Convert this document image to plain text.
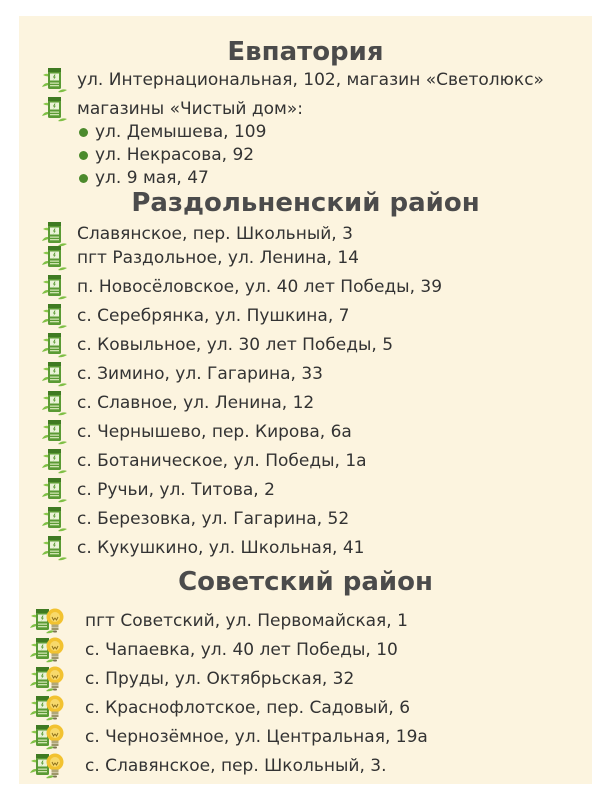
Евпатория
ул. Интернациональная, 102, магазин «Светолюкс»
магазины «Чистый дом»:
ул. Демышева, 109
ул. Некрасова, 92
ул. 9 мая, 47
Раздольненский район
Славянское, пер. Школьный, 3
пгт Раздольное, ул. Ленина, 14
п. Новосёловское, ул. 40 лет Победы, 39
с. Серебрянка, ул. Пушкина, 7
с. Ковыльное, ул. 30 лет Победы, 5
с. Зимино, ул. Гагарина, 33
с. Славное, ул. Ленина, 12
с. Чернышево, пер. Кирова, 6а
с. Ботаническое, ул. Победы, 1а
с. Ручьи, ул. Титова, 2
с. Березовка, ул. Гагарина, 52
с. Кукушкино, ул. Школьная, 41
Советский район
пгт Советский, ул. Первомайская, 1
с. Чапаевка, ул. 40 лет Победы, 10
с. Пруды, ул. Октябрьская, 32
с. Краснофлотское, пер. Садовый, 6
с. Чернозёмное, ул. Центральная, 19а
с. Славянское, пер. Школьный, 3.
